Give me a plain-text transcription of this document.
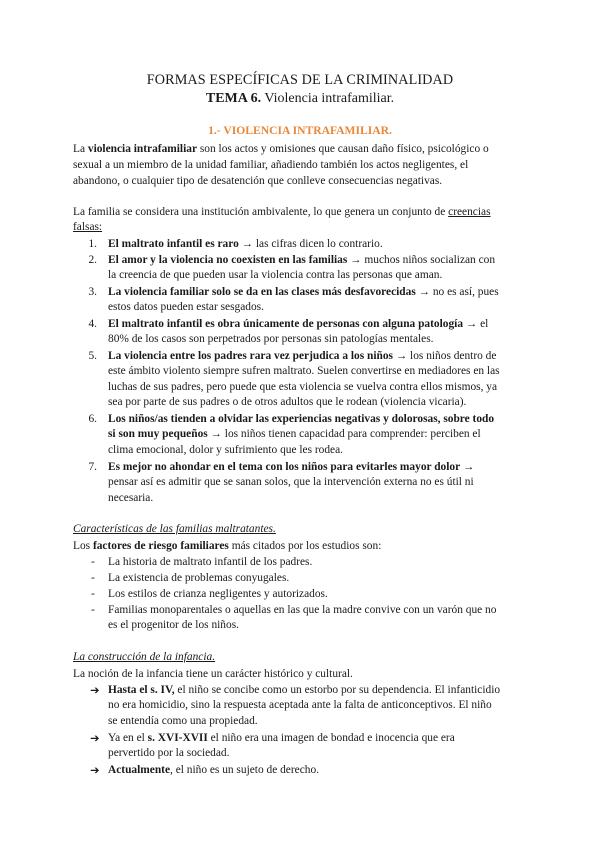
FORMAS ESPECÍFICAS DE LA CRIMINALIDAD
TEMA 6. Violencia intrafamiliar.
1.- VIOLENCIA INTRAFAMILIAR.
La violencia intrafamiliar son los actos y omisiones que causan daño físico, psicológico o
sexual a un miembro de la unidad familiar, añadiendo también los actos negligentes, el
abandono, o cualquier tipo de desatención que conlleve consecuencias negativas.
La familia se considera una institución ambivalente, lo que genera un conjunto de creencias
falsas:
1. El maltrato infantil es raro → las cifras dicen lo contrario.
2. El amor y la violencia no coexisten en las familias → muchos niños socializan con
la creencia de que pueden usar la violencia contra las personas que aman.
3. La violencia familiar solo se da en las clases más desfavorecidas → no es así, pues
estos datos pueden estar sesgados.
4. El maltrato infantil es obra únicamente de personas con alguna patología → el
80% de los casos son perpetrados por personas sin patologías mentales.
5. La violencia entre los padres rara vez perjudica a los niños → los niños dentro de
este ámbito violento siempre sufren maltrato. Suelen convertirse en mediadores en las
luchas de sus padres, pero puede que esta violencia se vuelva contra ellos mismos, ya
sea por parte de sus padres o de otros adultos que le rodean (violencia vicaria).
6. Los niños/as tienden a olvidar las experiencias negativas y dolorosas, sobre todo
si son muy pequeños → los niños tienen capacidad para comprender: perciben el
clima emocional, dolor y sufrimiento que les rodea.
7. Es mejor no ahondar en el tema con los niños para evitarles mayor dolor →
pensar así es admitir que se sanan solos, que la intervención externa no es útil ni
necesaria.
Características de las familias maltratantes.
Los factores de riesgo familiares más citados por los estudios son:
- La historia de maltrato infantil de los padres.
- La existencia de problemas conyugales.
- Los estilos de crianza negligentes y autorizados.
- Familias monoparentales o aquellas en las que la madre convive con un varón que no
es el progenitor de los niños.
La construcción de la infancia.
La noción de la infancia tiene un carácter histórico y cultural.
➔ Hasta el s. IV, el niño se concibe como un estorbo por su dependencia. El infanticidio
no era homicidio, sino la respuesta aceptada ante la falta de anticonceptivos. El niño
se entendía como una propiedad.
➔ Ya en el s. XVI-XVII el niño era una imagen de bondad e inocencia que era
pervertido por la sociedad.
➔ Actualmente, el niño es un sujeto de derecho.
